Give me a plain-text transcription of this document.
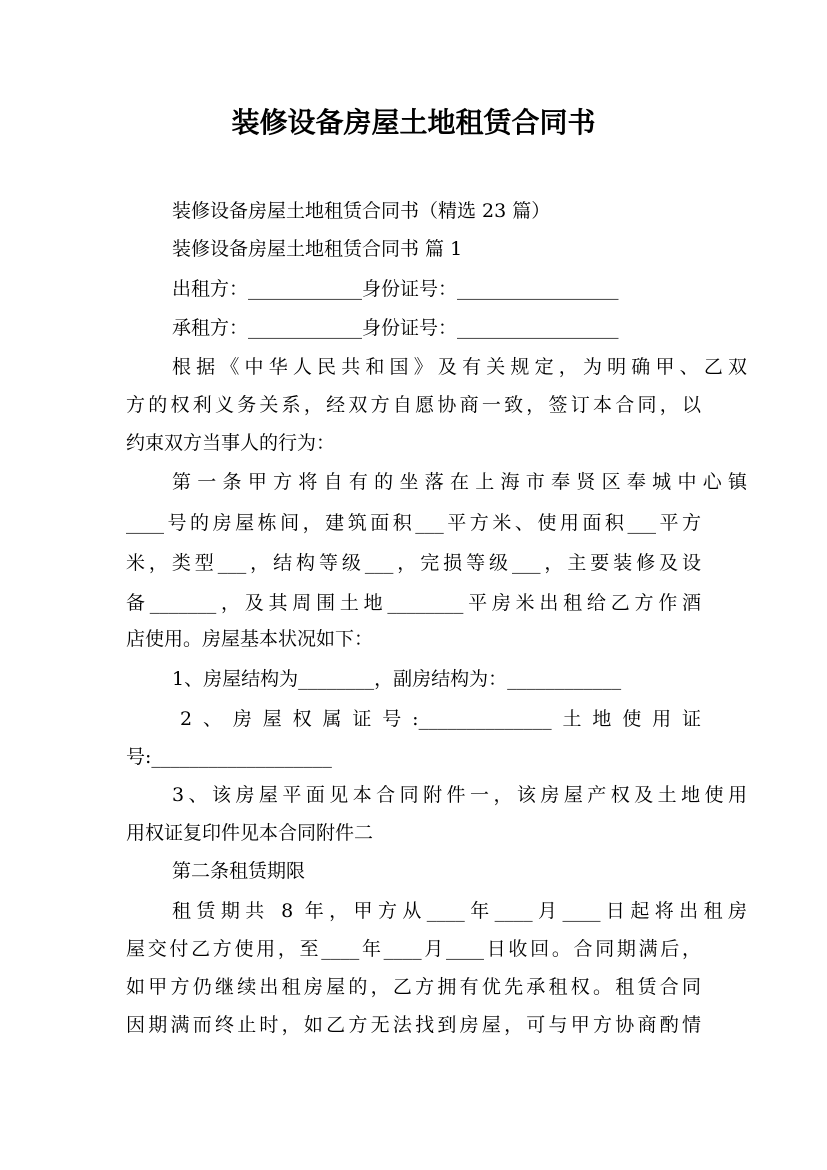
装修设备房屋土地租赁合同书
装修设备房屋土地租赁合同书（精选 23 篇）
装修设备房屋土地租赁合同书 篇 1
出租方：____________身份证号：_________________
承租方：____________身份证号：_________________
根据《中华人民共和国》及有关规定，为明确甲、乙双
方的权利义务关系，经双方自愿协商一致，签订本合同，以
约束双方当事人的行为：
第一条甲方将自有的坐落在上海市奉贤区奉城中心镇
____号的房屋栋间，建筑面积___平方米、使用面积___平方
米，类型___，结构等级___，完损等级___，主要装修及设
备_______，及其周围土地________平房米出租给乙方作酒
店使用。房屋基本状况如下：
1、房屋结构为________，副房结构为：____________
2、房屋权属证号:______________土地使用证
号:___________________
3、该房屋平面见本合同附件一，该房屋产权及土地使用
用权证复印件见本合同附件二
第二条租赁期限
租赁期共 8 年，甲方从____年____月____日起将出租房
屋交付乙方使用，至____年____月____日收回。合同期满后，
如甲方仍继续出租房屋的，乙方拥有优先承租权。租赁合同
因期满而终止时，如乙方无法找到房屋，可与甲方协商酌情
